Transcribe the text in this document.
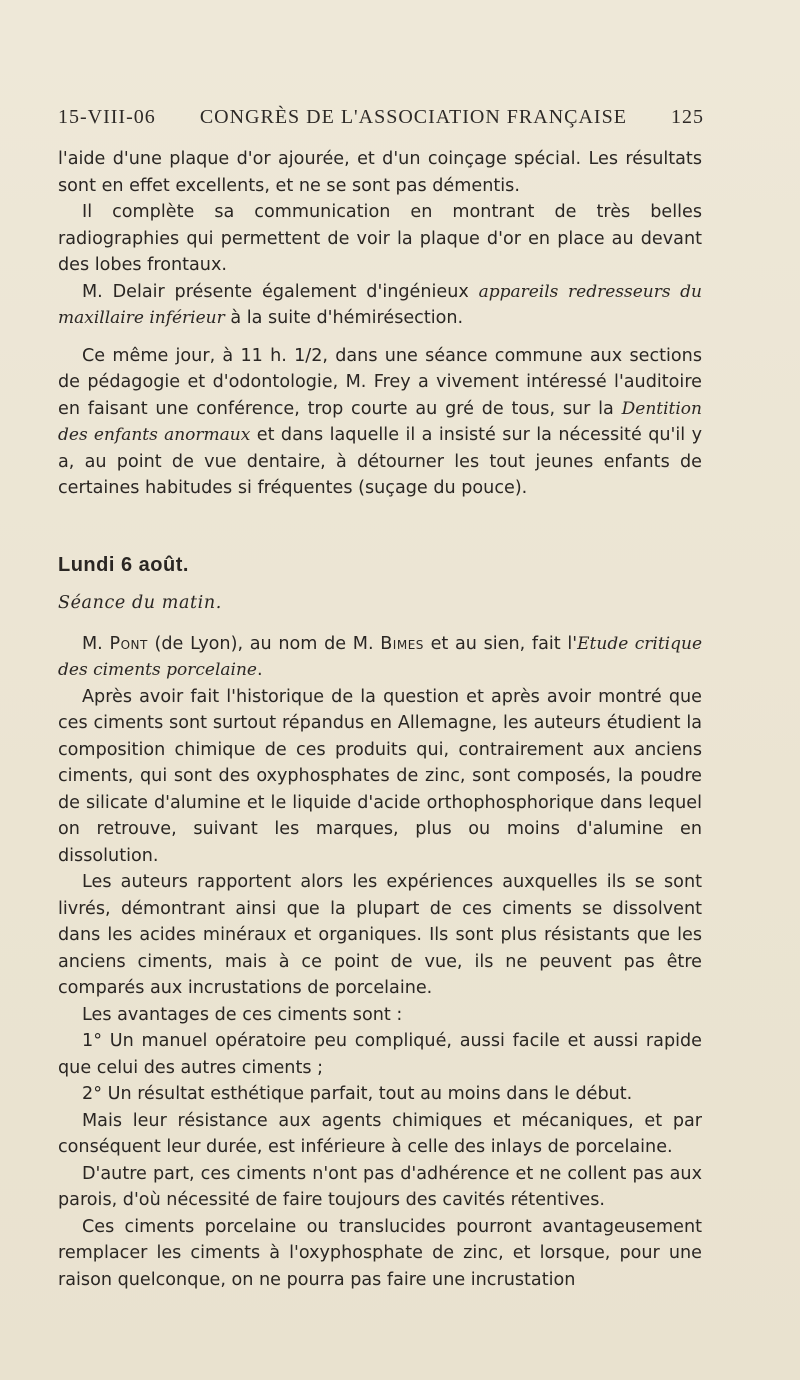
15-VIII-06 CONGRÈS DE L'ASSOCIATION FRANÇAISE 125

l'aide d'une plaque d'or ajourée, et d'un coinçage spécial. Les résultats sont en effet excellents, et ne se sont pas démentis.

Il complète sa communication en montrant de très belles radiographies qui permettent de voir la plaque d'or en place au devant des lobes frontaux.

M. Delair présente également d'ingénieux appareils redresseurs du maxillaire inférieur à la suite d'hémirésection.

Ce même jour, à 11 h. 1/2, dans une séance commune aux sections de pédagogie et d'odontologie, M. Frey a vivement intéressé l'auditoire en faisant une conférence, trop courte au gré de tous, sur la Dentition des enfants anormaux et dans laquelle il a insisté sur la nécessité qu'il y a, au point de vue dentaire, à détourner les tout jeunes enfants de certaines habitudes si fréquentes (suçage du pouce).

Lundi 6 août.

Séance du matin.

M. Pont (de Lyon), au nom de M. Bimes et au sien, fait l'Etude critique des ciments porcelaine.

Après avoir fait l'historique de la question et après avoir montré que ces ciments sont surtout répandus en Allemagne, les auteurs étudient la composition chimique de ces produits qui, contrairement aux anciens ciments, qui sont des oxyphosphates de zinc, sont composés, la poudre de silicate d'alumine et le liquide d'acide orthophosphorique dans lequel on retrouve, suivant les marques, plus ou moins d'alumine en dissolution.

Les auteurs rapportent alors les expériences auxquelles ils se sont livrés, démontrant ainsi que la plupart de ces ciments se dissolvent dans les acides minéraux et organiques. Ils sont plus résistants que les anciens ciments, mais à ce point de vue, ils ne peuvent pas être comparés aux incrustations de porcelaine.

Les avantages de ces ciments sont :

1° Un manuel opératoire peu compliqué, aussi facile et aussi rapide que celui des autres ciments ;

2° Un résultat esthétique parfait, tout au moins dans le début.

Mais leur résistance aux agents chimiques et mécaniques, et par conséquent leur durée, est inférieure à celle des inlays de porcelaine.

D'autre part, ces ciments n'ont pas d'adhérence et ne collent pas aux parois, d'où nécessité de faire toujours des cavités rétentives.

Ces ciments porcelaine ou translucides pourront avantageusement remplacer les ciments à l'oxyphosphate de zinc, et lorsque, pour une raison quelconque, on ne pourra pas faire une incrustation
